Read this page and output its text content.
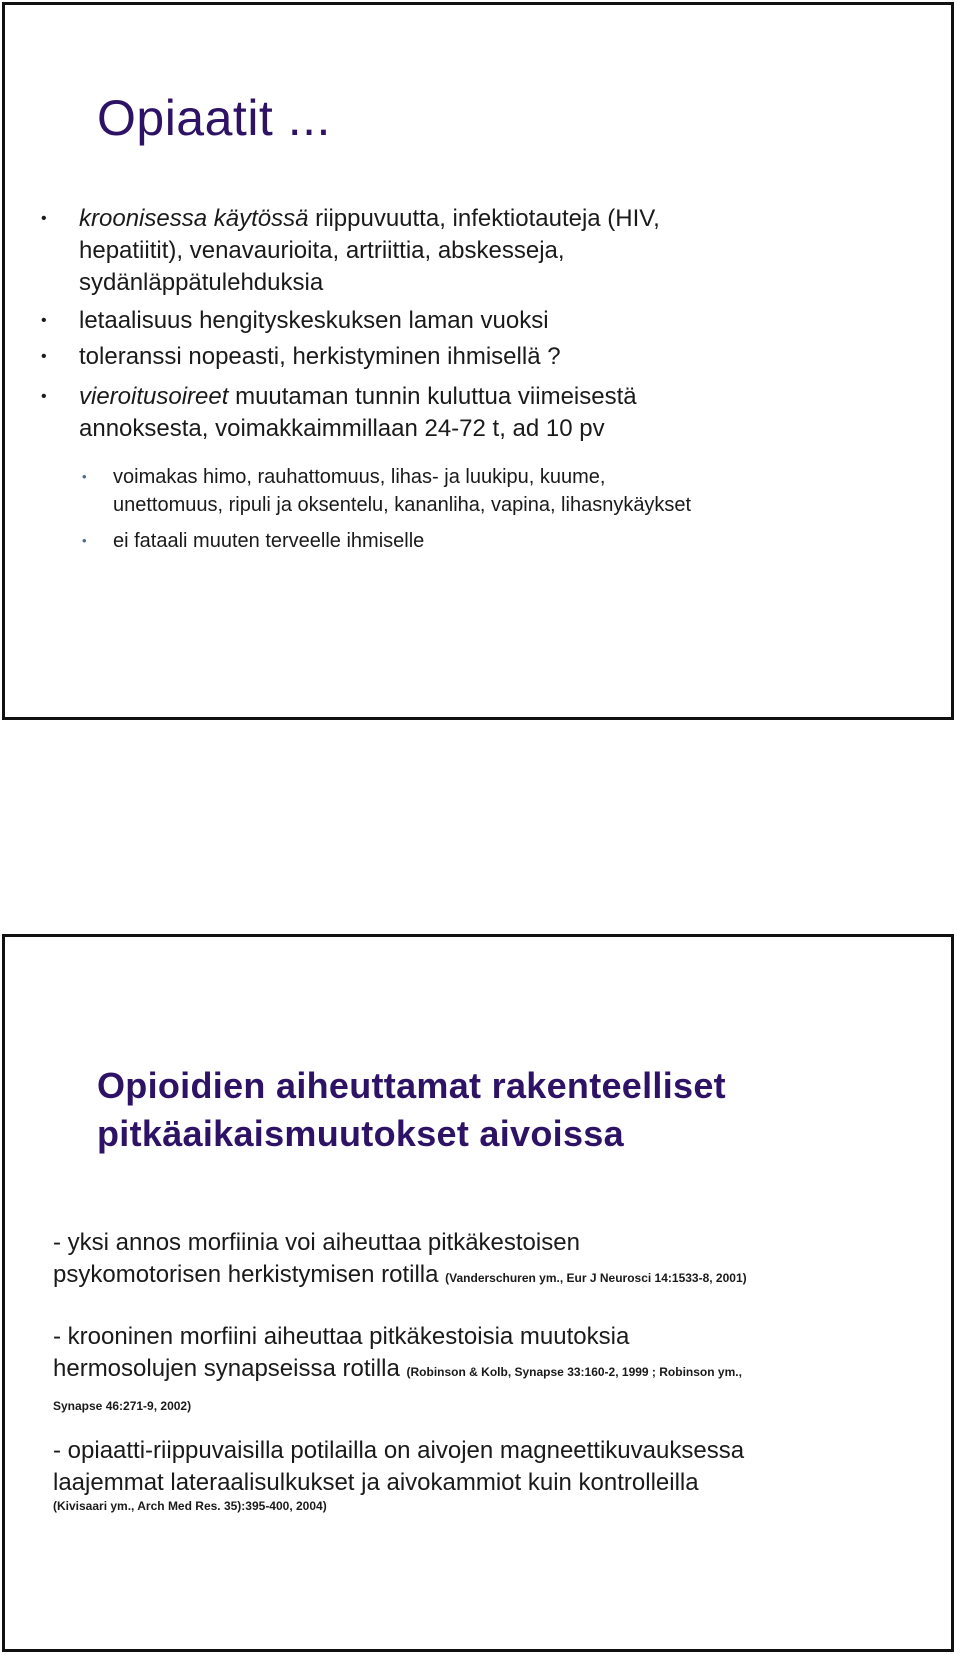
Opiaatit ...
• kroonisessa käytössä riippuvuutta, infektiotauteja (HIV,
hepatiitit), venavaurioita, artriittia, abskesseja,
sydänläppätulehduksia
• letaalisuus hengityskeskuksen laman vuoksi
• toleranssi nopeasti, herkistyminen ihmisellä ?
• vieroitusoireet muutaman tunnin kuluttua viimeisestä
annoksesta, voimakkaimmillaan 24-72 t, ad 10 pv
• voimakas himo, rauhattomuus, lihas- ja luukipu, kuume,
unettomuus, ripuli ja oksentelu, kananliha, vapina, lihasnykäykset
• ei fataali muuten terveelle ihmiselle
Opioidien aiheuttamat rakenteelliset
pitkäaikaismuutokset aivoissa
- yksi annos morfiinia voi aiheuttaa pitkäkestoisen
psykomotorisen herkistymisen rotilla (Vanderschuren ym., Eur J Neurosci 14:1533-8, 2001)
- krooninen morfiini aiheuttaa pitkäkestoisia muutoksia
hermosolujen synapseissa rotilla (Robinson & Kolb, Synapse 33:160-2, 1999 ; Robinson ym.,
Synapse 46:271-9, 2002)
- opiaatti-riippuvaisilla potilailla on aivojen magneettikuvauksessa
laajemmat lateraalisulkukset ja aivokammiot kuin kontrolleilla
(Kivisaari ym., Arch Med Res. 35):395-400, 2004)
